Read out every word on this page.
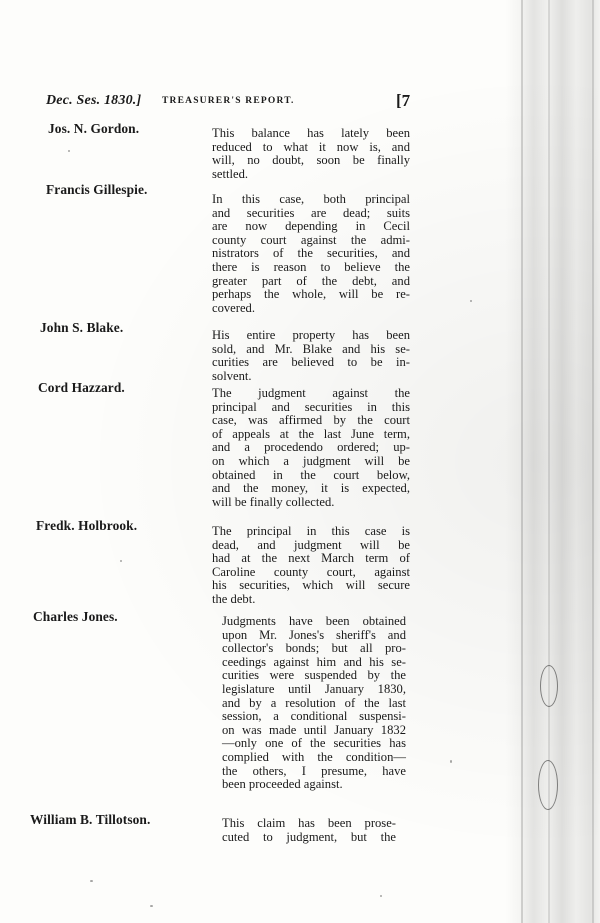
Dec. Ses. 1830.] TREASURER'S REPORT.	[7
Jos. N. Gordon.	This balance has lately been
reduced to what it now is, and
will, no doubt, soon be finally
settled.
Francis Gillespie.
In this case, both principal
and securities are dead; suits
are now depending in Cecil
county court against the admi-
nistrators of the securities, and
there is reason to believe the
greater part of the debt, and
perhaps the whole, will be re-
covered.
John S. Blake.	His entire property has been
sold, and Mr. Blake and his se-
curities are believed to be in-
solvent.
Cord Hazzard.	The judgment against the
principal and securities in this
case, was affirmed by the court
of appeals at the last June term,
and a procedendo ordered; up-
on which a judgment will be
obtained in the court below,
and the money, it is expected,
will be finally collected.
Fredk. Holbrook.	The principal in this case is
dead, and judgment will be
had at the next March term of
Caroline county court, against
his securities, which will secure
the debt.
Charles Jones.	Judgments have been obtained
upon Mr. Jones's sheriff's and
collector's bonds; but all pro-
ceedings against him and his se-
curities were suspended by the
legislature until January 1830,
and by a resolution of the last
session, a conditional suspensi-
on was made until January 1832
—only one of the securities has
complied with the condition—
the others, I presume, have
been proceeded against.
William B. Tillotson.	This claim has been prose-
cuted to judgment, but the
